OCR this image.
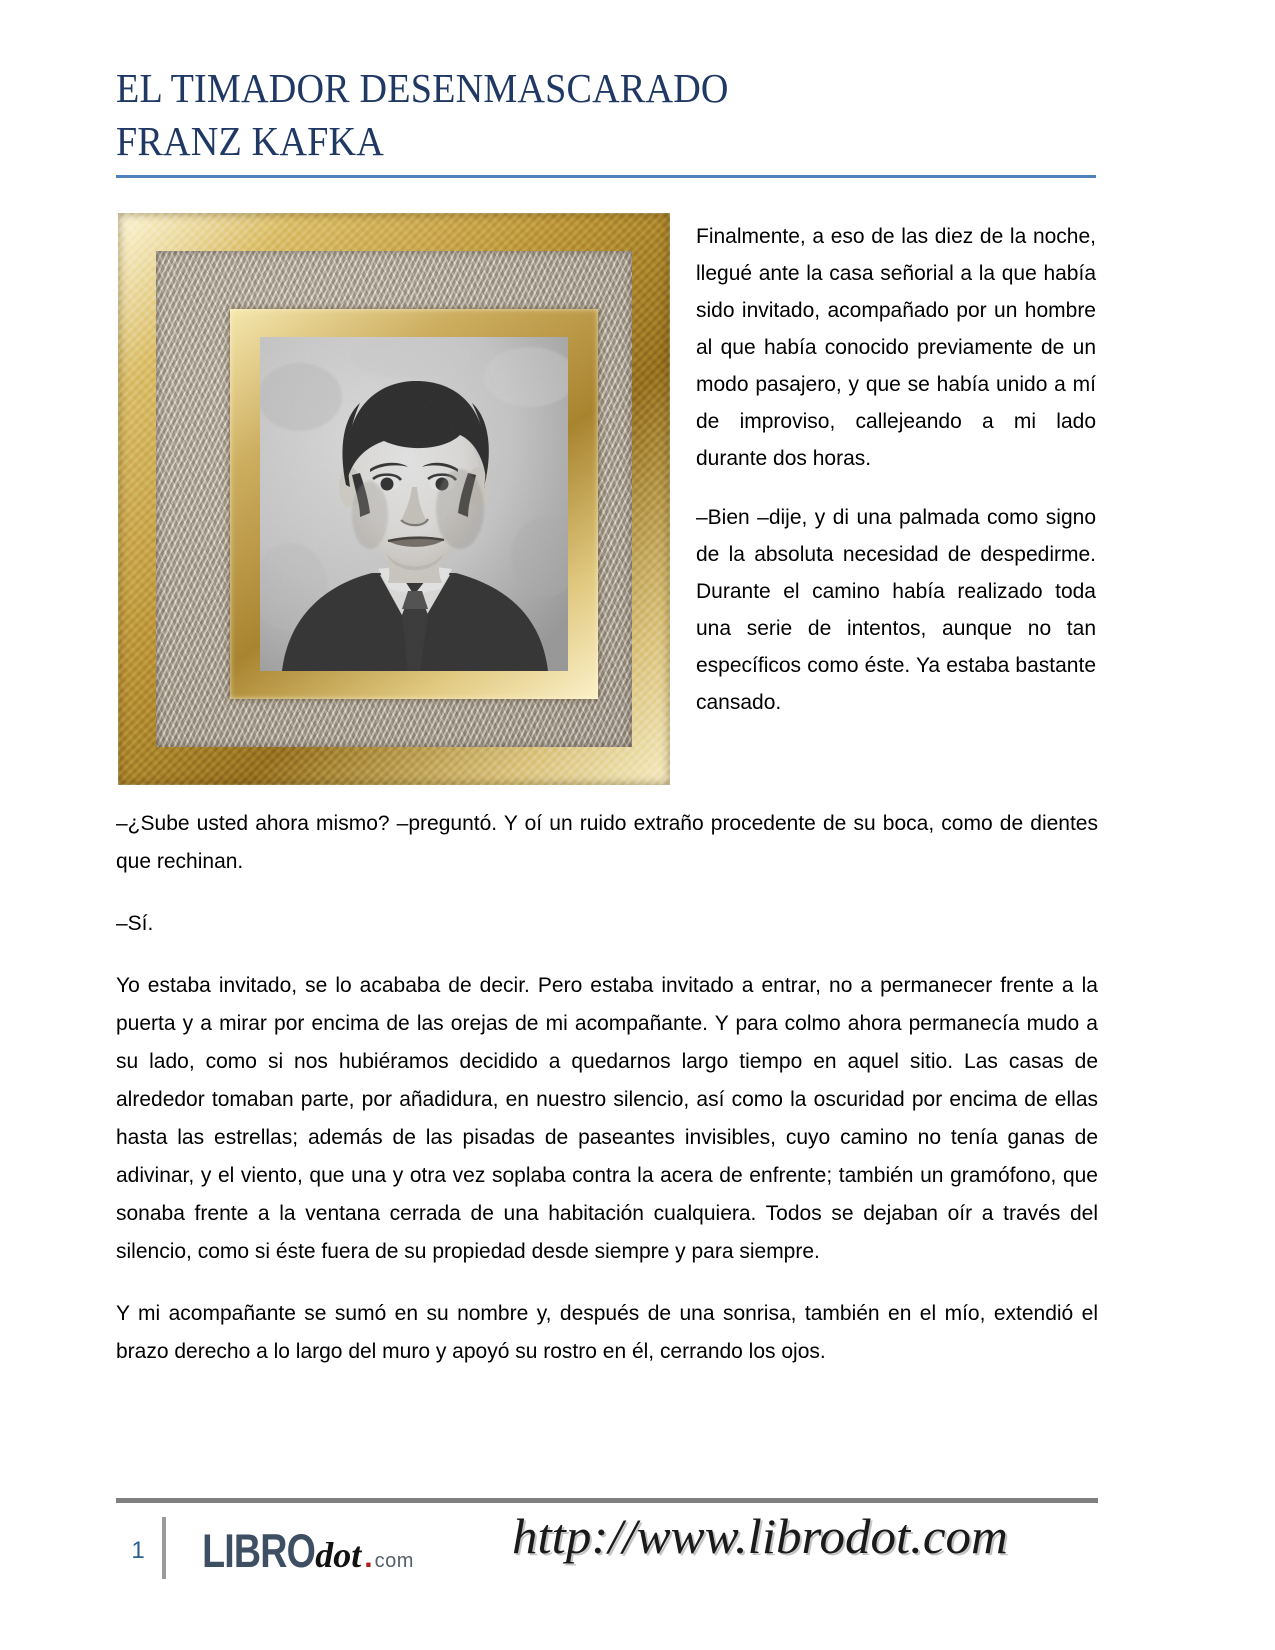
EL TIMADOR DESENMASCARADO
FRANZ KAFKA

Finalmente, a eso de las diez de la noche, llegué ante la casa señorial a la que había sido invitado, acompañado por un hombre al que había conocido previamente de un modo pasajero, y que se había unido a mí de improviso, callejeando a mi lado durante dos horas.

–Bien –dije, y di una palmada como signo de la absoluta necesidad de despedirme. Durante el camino había realizado toda una serie de intentos, aunque no tan específicos como éste. Ya estaba bastante cansado.

–¿Sube usted ahora mismo? –preguntó. Y oí un ruido extraño procedente de su boca, como de dientes que rechinan.

–Sí.

Yo estaba invitado, se lo acababa de decir. Pero estaba invitado a entrar, no a permanecer frente a la puerta y a mirar por encima de las orejas de mi acompañante. Y para colmo ahora permanecía mudo a su lado, como si nos hubiéramos decidido a quedarnos largo tiempo en aquel sitio. Las casas de alrededor tomaban parte, por añadidura, en nuestro silencio, así como la oscuridad por encima de ellas hasta las estrellas; además de las pisadas de paseantes invisibles, cuyo camino no tenía ganas de adivinar, y el viento, que una y otra vez soplaba contra la acera de enfrente; también un gramófono, que sonaba frente a la ventana cerrada de una habitación cualquiera. Todos se dejaban oír a través del silencio, como si éste fuera de su propiedad desde siempre y para siempre.

Y mi acompañante se sumó en su nombre y, después de una sonrisa, también en el mío, extendió el brazo derecho a lo largo del muro y apoyó su rostro en él, cerrando los ojos.

1	LIBRO dot . com http://www.librodot.com
